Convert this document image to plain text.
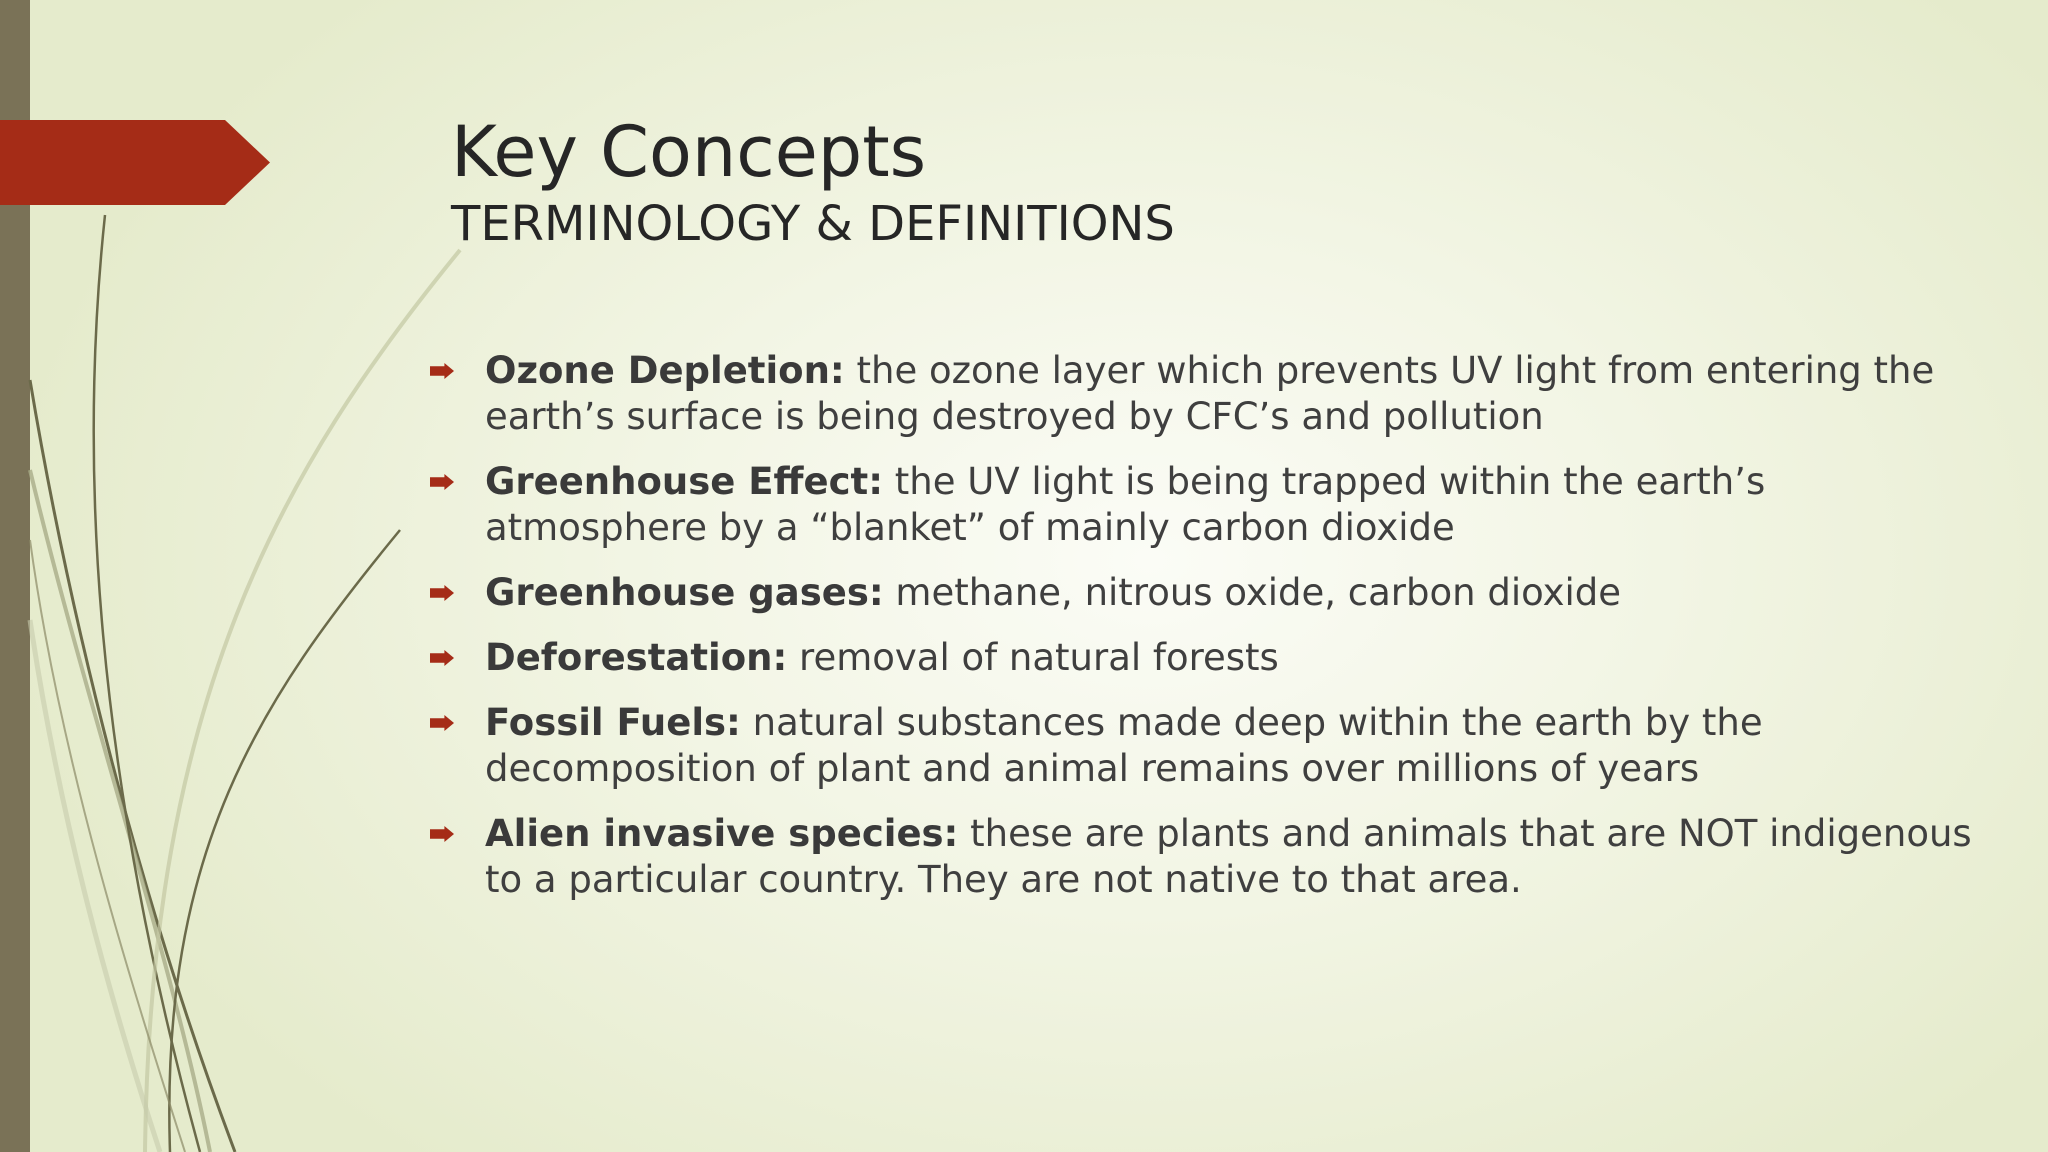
Key Concepts
TERMINOLOGY & DEFINITIONS
Ozone Depletion: the ozone layer which prevents UV light from entering the earth’s surface is being destroyed by CFC’s and pollution
Greenhouse Effect: the UV light is being trapped within the earth’s atmosphere by a “blanket” of mainly carbon dioxide
Greenhouse gases: methane, nitrous oxide, carbon dioxide
Deforestation: removal of natural forests
Fossil Fuels: natural substances made deep within the earth by the decomposition of plant and animal remains over millions of years
Alien invasive species: these are plants and animals that are NOT indigenous to a particular country. They are not native to that area.
